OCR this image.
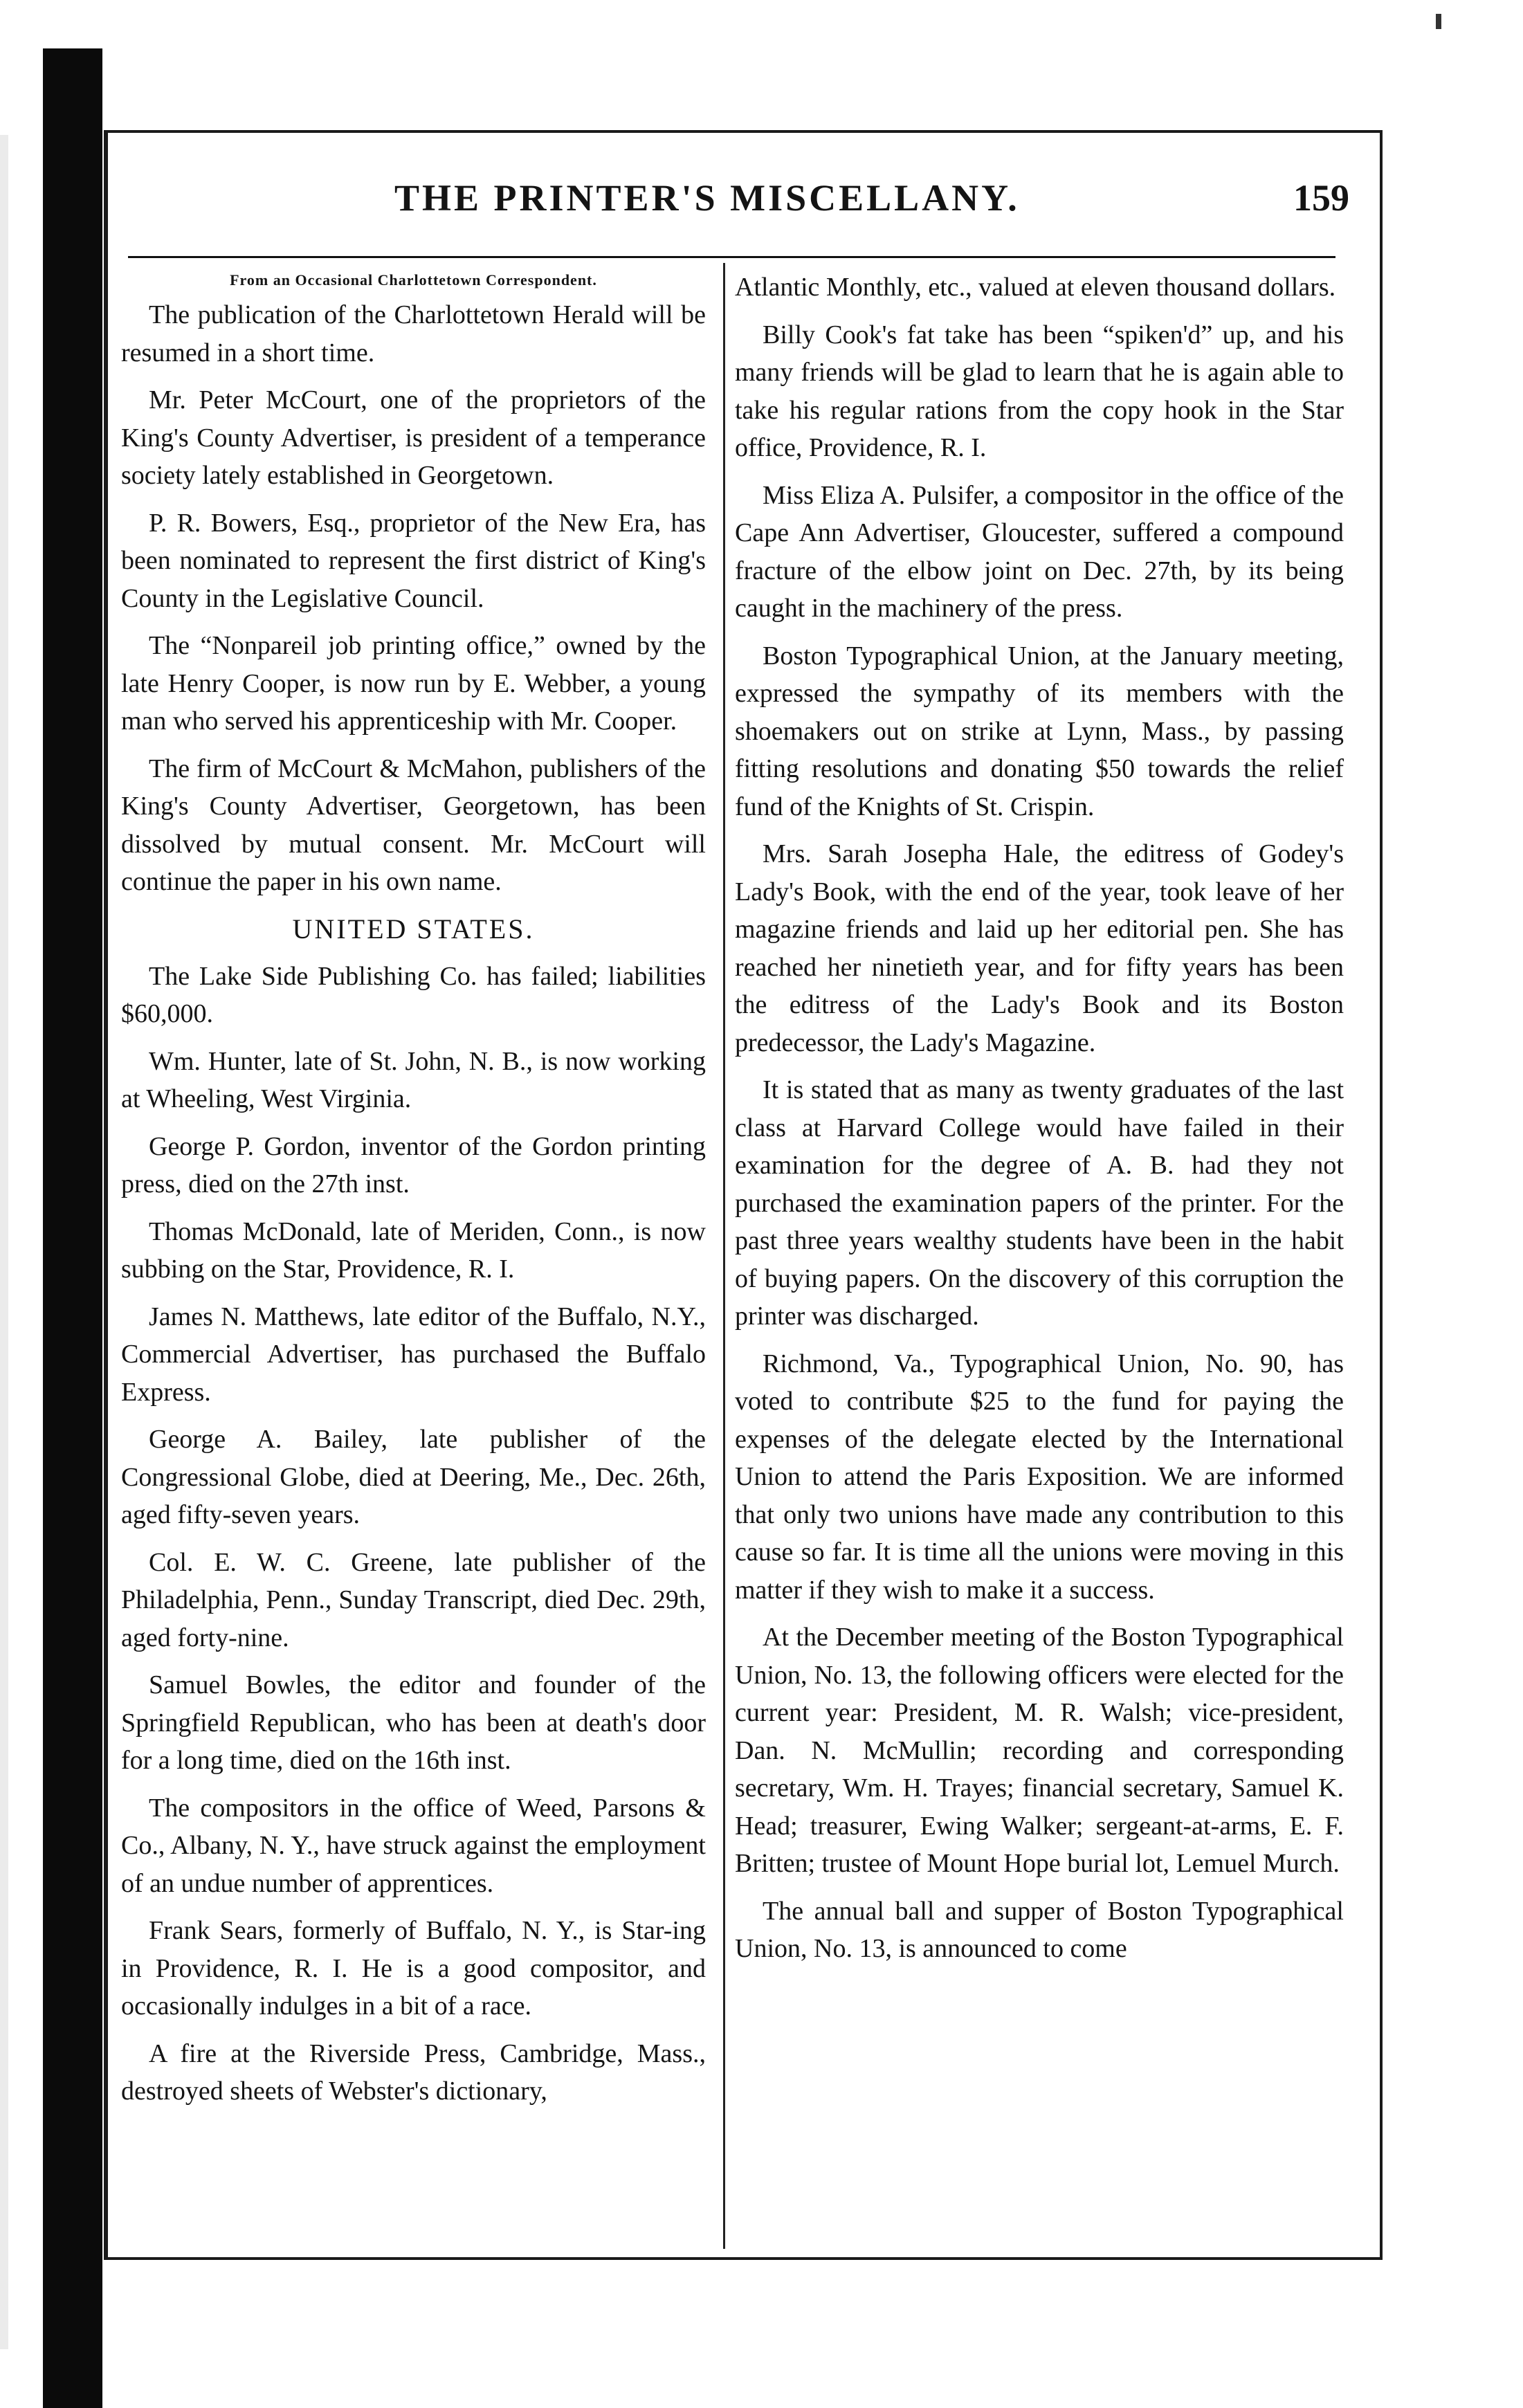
THE PRINTER'S MISCELLANY.	159
From an Occasional Charlottetown Correspondent.

The publication of the Charlottetown Herald will be resumed in a short time.

Mr. Peter McCourt, one of the proprietors of the King's County Advertiser, is president of a temperance society lately established in Georgetown.

P. R. Bowers, Esq., proprietor of the New Era, has been nominated to represent the first district of King's County in the Legislative Council.

The “Nonpareil job printing office,” owned by the late Henry Cooper, is now run by E. Webber, a young man who served his apprenticeship with Mr. Cooper.

The firm of McCourt & McMahon, publishers of the King's County Advertiser, Georgetown, has been dissolved by mutual consent. Mr. McCourt will continue the paper in his own name.

UNITED STATES.

The Lake Side Publishing Co. has failed; liabilities $60,000.

Wm. Hunter, late of St. John, N. B., is now working at Wheeling, West Virginia.

George P. Gordon, inventor of the Gordon printing press, died on the 27th inst.

Thomas McDonald, late of Meriden, Conn., is now subbing on the Star, Providence, R. I.

James N. Matthews, late editor of the Buffalo, N.Y., Commercial Advertiser, has purchased the Buffalo Express.

George A. Bailey, late publisher of the Congressional Globe, died at Deering, Me., Dec. 26th, aged fifty-seven years.

Col. E. W. C. Greene, late publisher of the Philadelphia, Penn., Sunday Transcript, died Dec. 29th, aged forty-nine.

Samuel Bowles, the editor and founder of the Springfield Republican, who has been at death's door for a long time, died on the 16th inst.

The compositors in the office of Weed, Parsons & Co., Albany, N. Y., have struck against the employment of an undue number of apprentices.

Frank Sears, formerly of Buffalo, N. Y., is Star-ing in Providence, R. I. He is a good compositor, and occasionally indulges in a bit of a race.

A fire at the Riverside Press, Cambridge, Mass., destroyed sheets of Webster's dictionary,

Atlantic Monthly, etc., valued at eleven thousand dollars.

Billy Cook's fat take has been “spiken'd” up, and his many friends will be glad to learn that he is again able to take his regular rations from the copy hook in the Star office, Providence, R. I.

Miss Eliza A. Pulsifer, a compositor in the office of the Cape Ann Advertiser, Gloucester, suffered a compound fracture of the elbow joint on Dec. 27th, by its being caught in the machinery of the press.

Boston Typographical Union, at the January meeting, expressed the sympathy of its members with the shoemakers out on strike at Lynn, Mass., by passing fitting resolutions and donating $50 towards the relief fund of the Knights of St. Crispin.

Mrs. Sarah Josepha Hale, the editress of Godey's Lady's Book, with the end of the year, took leave of her magazine friends and laid up her editorial pen. She has reached her ninetieth year, and for fifty years has been the editress of the Lady's Book and its Boston predecessor, the Lady's Magazine.

It is stated that as many as twenty graduates of the last class at Harvard College would have failed in their examination for the degree of A. B. had they not purchased the examination papers of the printer. For the past three years wealthy students have been in the habit of buying papers. On the discovery of this corruption the printer was discharged.

Richmond, Va., Typographical Union, No. 90, has voted to contribute $25 to the fund for paying the expenses of the delegate elected by the International Union to attend the Paris Exposition. We are informed that only two unions have made any contribution to this cause so far. It is time all the unions were moving in this matter if they wish to make it a success.

At the December meeting of the Boston Typographical Union, No. 13, the following officers were elected for the current year: President, M. R. Walsh; vice-president, Dan. N. McMullin; recording and corresponding secretary, Wm. H. Trayes; financial secretary, Samuel K. Head; treasurer, Ewing Walker; sergeant-at-arms, E. F. Britten; trustee of Mount Hope burial lot, Lemuel Murch.

The annual ball and supper of Boston Typographical Union, No. 13, is announced to come
